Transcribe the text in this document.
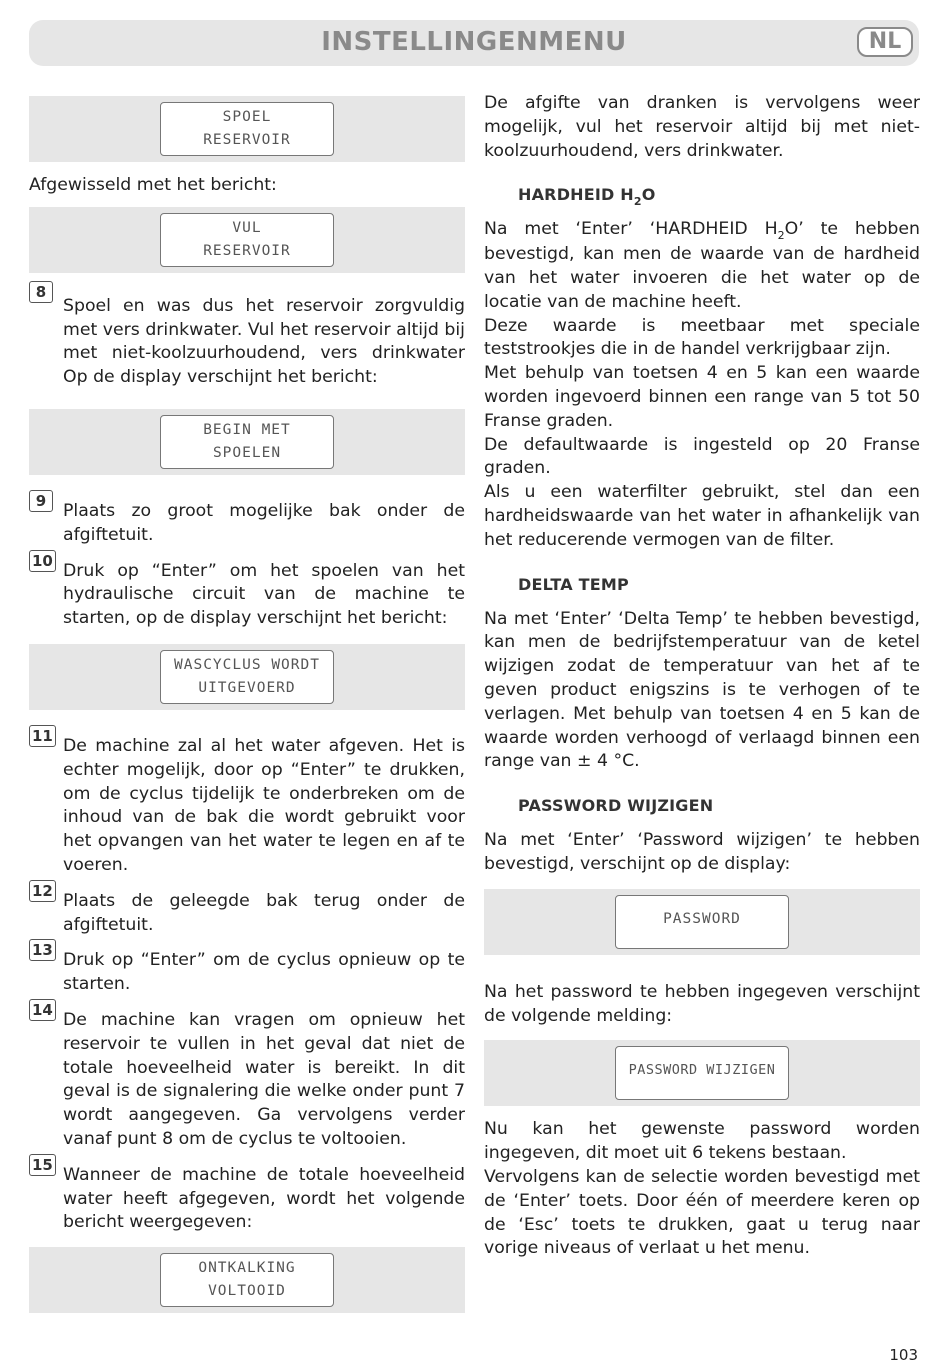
INSTELLINGENMENU	NL
SPOEL
RESERVOIR

Afgewisseld met het bericht:

VUL
RESERVOIR
8

Spoel en was dus het reservoir zorgvuldig met vers drinkwater. Vul het reservoir altijd bij met niet-koolzuurhoudend, vers drinkwater Op de display verschijnt het bericht:

BEGIN MET
SPOELEN
9 Plaats zo groot mogelijke bak onder de afgiftetuit.

10 Druk op “Enter” om het spoelen van het hydraulische circuit van de machine te starten, op de display verschijnt het bericht:

WASCYCLUS WORDT
UITGEVOERD
11 De machine zal al het water afgeven. Het is echter mogelijk, door op “Enter” te drukken, om de cyclus tijdelijk te onderbreken om de inhoud van de bak die wordt gebruikt voor het opvangen van het water te legen en af te voeren.

12 Plaats de geleegde bak terug onder de afgiftetuit.

13 Druk op “Enter” om de cyclus opnieuw op te starten.

14 De machine kan vragen om opnieuw het reservoir te vullen in het geval dat niet de totale hoeveelheid water is bereikt. In dit geval is de signalering die welke onder punt 7 wordt aangegeven. Ga vervolgens verder vanaf punt 8 om de cyclus te voltooien.

15 Wanneer de machine de totale hoeveelheid water heeft afgegeven, wordt het volgende bericht weergegeven:

ONTKALKING
VOLTOOID

De afgifte van dranken is vervolgens weer mogelijk, vul het reservoir altijd bij met niet-koolzuurhoudend, vers drinkwater.

HARDHEID $H_2O$

Na met ‘Enter’ ‘HARDHEID $H_2O$’ te hebben bevestigd, kan men de waarde van de hardheid van het water invoeren die het water op de locatie van de machine heeft.

Deze waarde is meetbaar met speciale teststrookjes die in de handel verkrijgbaar zijn.

Met behulp van toetsen 4 en 5 kan een waarde worden ingevoerd binnen een range van 5 tot 50 Franse graden.

De defaultwaarde is ingesteld op 20 Franse graden.

Als u een waterfilter gebruikt, stel dan een hardheidswaarde van het water in afhankelijk van het reducerende vermogen van de filter.

DELTA TEMP

Na met ‘Enter’ ‘Delta Temp’ te hebben bevestigd, kan men de bedrijfstemperatuur van de ketel wijzigen zodat de temperatuur van het af te geven product enigszins is te verhogen of te verlagen. Met behulp van toetsen 4 en 5 kan de waarde worden verhoogd of verlaagd binnen een range van ± 4 °C.

PASSWORD WIJZIGEN

Na met ‘Enter’ ‘Password wijzigen’ te hebben bevestigd, verschijnt op de display:

PASSWORD

Na het password te hebben ingegeven verschijnt de volgende melding:

PASSWORD WIJZIGEN

Nu kan het gewenste password worden ingegeven, dit moet uit 6 tekens bestaan.

Vervolgens kan de selectie worden bevestigd met de ‘Enter’ toets. Door één of meerdere keren op de ‘Esc’ toets te drukken, gaat u terug naar vorige niveaus of verlaat u het menu.

103
